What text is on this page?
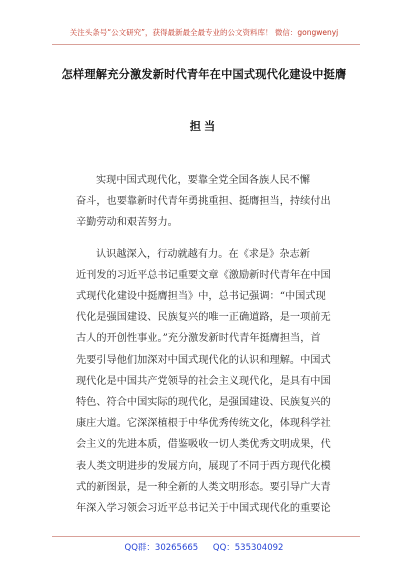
关注头条号“公文研究”，获得最新最全最专业的公文资料库！ 微信：gongwenyj
怎样理解充分激发新时代青年在中国式现代化建设中挺膺
担当
实现中国式现代化，要靠全党全国各族人民不懈
奋斗，也要靠新时代青年勇挑重担、挺膺担当，持续付出
辛勤劳动和艰苦努力。
认识越深入，行动就越有力。在《求是》杂志新
近刊发的习近平总书记重要文章《激励新时代青年在中国
式现代化建设中挺膺担当》中，总书记强调：“中国式现
代化是强国建设、民族复兴的唯一正确道路，是一项前无
古人的开创性事业。”充分激发新时代青年挺膺担当，首
先要引导他们加深对中国式现代化的认识和理解。中国式
现代化是中国共产党领导的社会主义现代化，是具有中国
特色、符合中国实际的现代化，是强国建设、民族复兴的
康庄大道。它深深植根于中华优秀传统文化，体现科学社
会主义的先进本质，借鉴吸收一切人类优秀文明成果，代
表人类文明进步的发展方向，展现了不同于西方现代化模
式的新图景，是一种全新的人类文明形态。要引导广大青
年深入学习领会习近平总书记关于中国式现代化的重要论
QQ群：30265665 QQ：535304092
